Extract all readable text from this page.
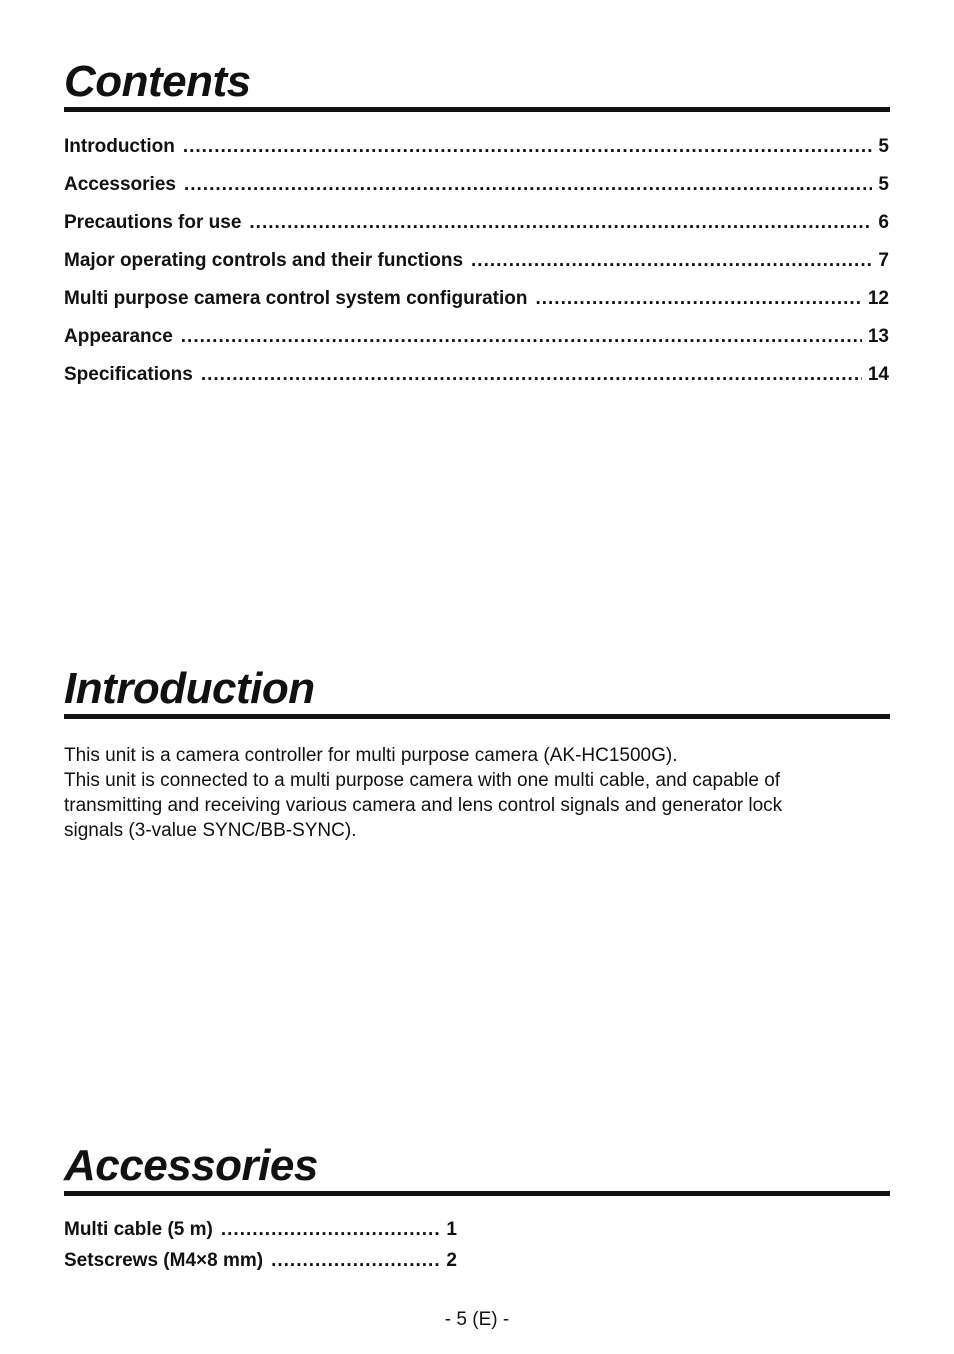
Contents
Introduction .....	5
Accessories .....	5
Precautions for use .....	6
Major operating controls and their functions .....	7
Multi purpose camera control system configuration .....	12
Appearance .....	13
Specifications .....	14
Introduction

This unit is a camera controller for multi purpose camera (AK-HC1500G).
This unit is connected to a multi purpose camera with one multi cable, and capable of
transmitting and receiving various camera and lens control signals and generator lock
signals (3-value SYNC/BB-SYNC).

Accessories
Multi cable (5 m) .....	1
Setscrews (M4×8 mm) .....	2
- 5 (E) -
